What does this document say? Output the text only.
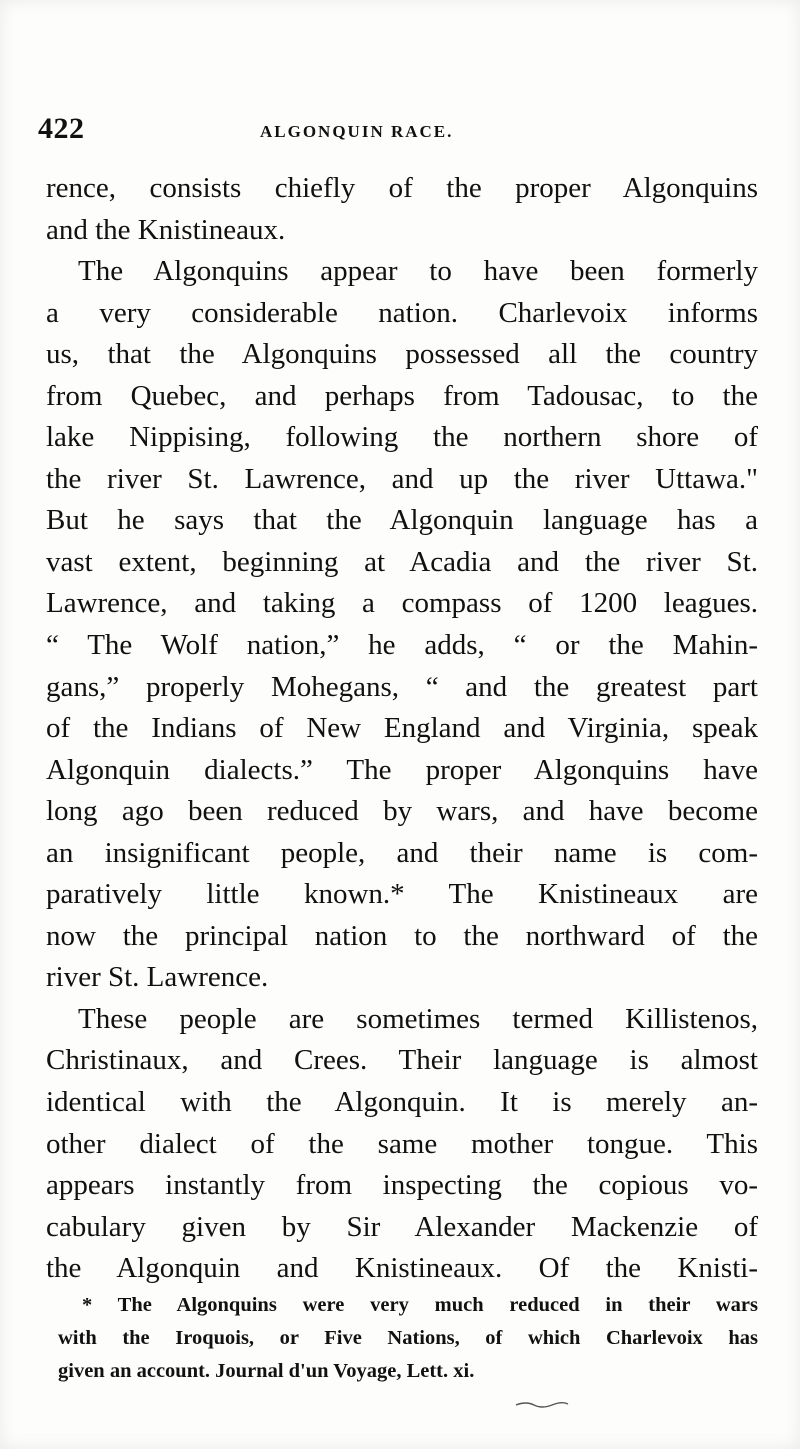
422	ALGONQUIN RACE.
rence, consists chiefly of the proper Algonquins
and the Knistineaux.
The Algonquins appear to have been formerly
a very considerable nation. Charlevoix informs
us, that the Algonquins possessed all the country
from Quebec, and perhaps from Tadousac, to the
lake Nippising, following the northern shore of
the river St. Lawrence, and up the river Uttawa."
But he says that the Algonquin language has a
vast extent, beginning at Acadia and the river St.
Lawrence, and taking a compass of 1200 leagues.
“ The Wolf nation,” he adds, “ or the Mahin-
gans,” properly Mohegans, “ and the greatest part
of the Indians of New England and Virginia, speak
Algonquin dialects.” The proper Algonquins have
long ago been reduced by wars, and have become
an insignificant people, and their name is com-
paratively little known.* The Knistineaux are
now the principal nation to the northward of the
river St. Lawrence.
These people are sometimes termed Killistenos,
Christinaux, and Crees. Their language is almost
identical with the Algonquin. It is merely an-
other dialect of the same mother tongue. This
appears instantly from inspecting the copious vo-
cabulary given by Sir Alexander Mackenzie of
the Algonquin and Knistineaux. Of the Knisti-
* The Algonquins were very much reduced in their wars
with the Iroquois, or Five Nations, of which Charlevoix has
given an account. Journal d'un Voyage, Lett. xi.
